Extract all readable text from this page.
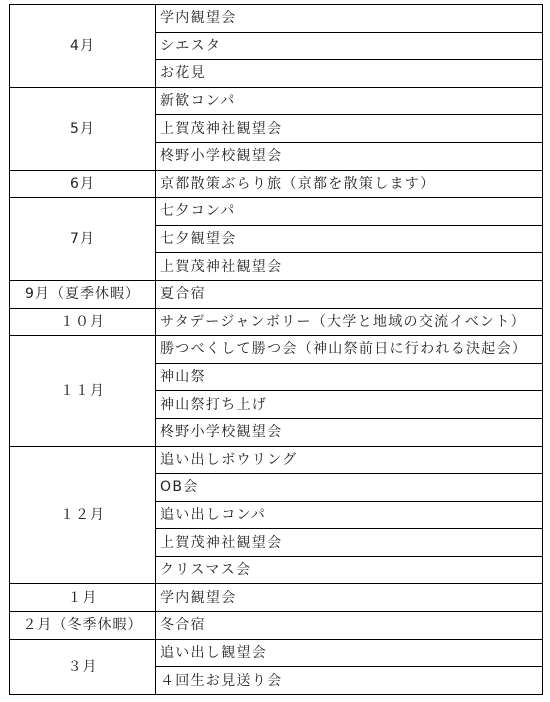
4月	学内観望会
	シエスタ
	お花見
5月	新歓コンパ
	上賀茂神社観望会
	柊野小学校観望会
6月	京都散策ぶらり旅（京都を散策します）
7月	七夕コンパ
	七夕観望会
	上賀茂神社観望会
9月（夏季休暇）	夏合宿
１０月	サタデージャンボリー（大学と地域の交流イベント）
１１月	勝つべくして勝つ会（神山祭前日に行われる決起会）
	神山祭
	神山祭打ち上げ
	柊野小学校観望会
１２月	追い出しボウリング
	OB会
	追い出しコンパ
	上賀茂神社観望会
	クリスマス会
１月	学内観望会
２月（冬季休暇）	冬合宿
３月	追い出し観望会
	４回生お見送り会
